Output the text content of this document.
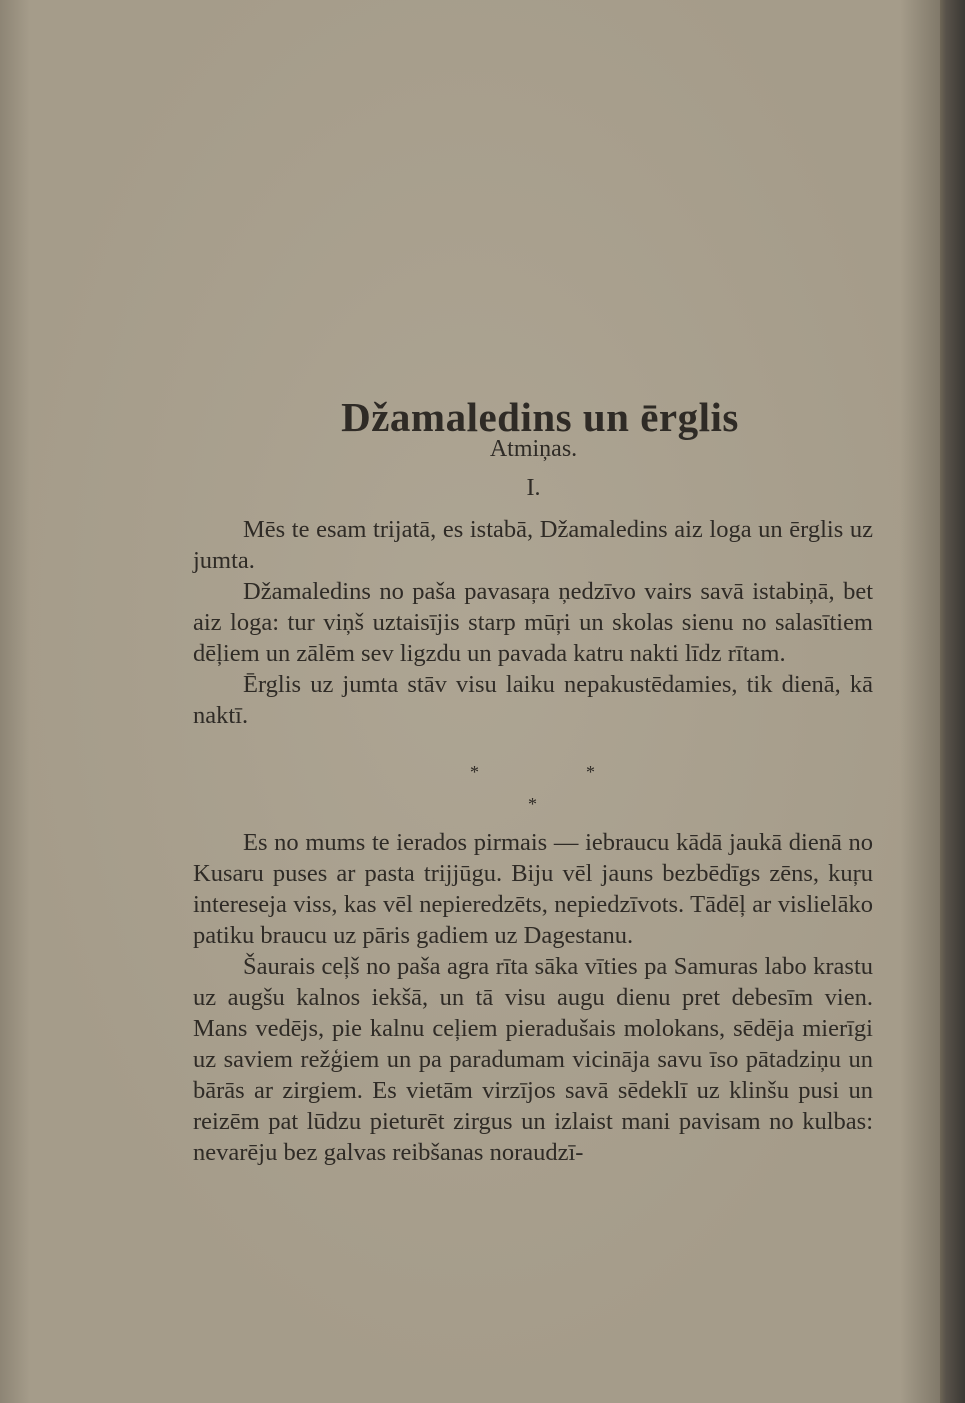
Džamaledins un ērglis
Atmiņas.
I.

Mēs te esam trijatā, es istabā, Džamaledins aiz loga un ērglis uz jumta.

Džamaledins no paša pavasaŗa ņedzīvo vairs savā istabiņā, bet aiz loga: tur viņš uztaisījis starp mūŗi un skolas sienu no salasītiem dēļiem un zālēm sev ligzdu un pavada katru nakti līdz rītam.

Ērglis uz jumta stāv visu laiku nepakustēdamies, tik dienā, kā naktī.

*	*
*

Es no mums te ierados pirmais — iebraucu kādā jaukā dienā no Kusaru puses ar pasta trijjūgu. Biju vēl jauns bezbēdīgs zēns, kuŗu intereseja viss, kas vēl nepieredzēts, nepiedzīvots. Tādēļ ar vislielāko patiku braucu uz pāris gadiem uz Dagestanu.

Šaurais ceļš no paša agra rīta sāka vīties pa Samuras labo krastu uz augšu kalnos iekšā, un tā visu augu dienu pret debesīm vien. Mans vedējs, pie kalnu ceļiem pieradušais molokans, sēdēja mierīgi uz saviem režģiem un pa paradumam vicināja savu īso pātadziņu un bārās ar zirgiem. Es vietām virzījos savā sēdeklī uz klinšu pusi un reizēm pat lūdzu pieturēt zirgus un izlaist mani pavisam no kulbas: nevarēju bez galvas reibšanas noraudzī-
